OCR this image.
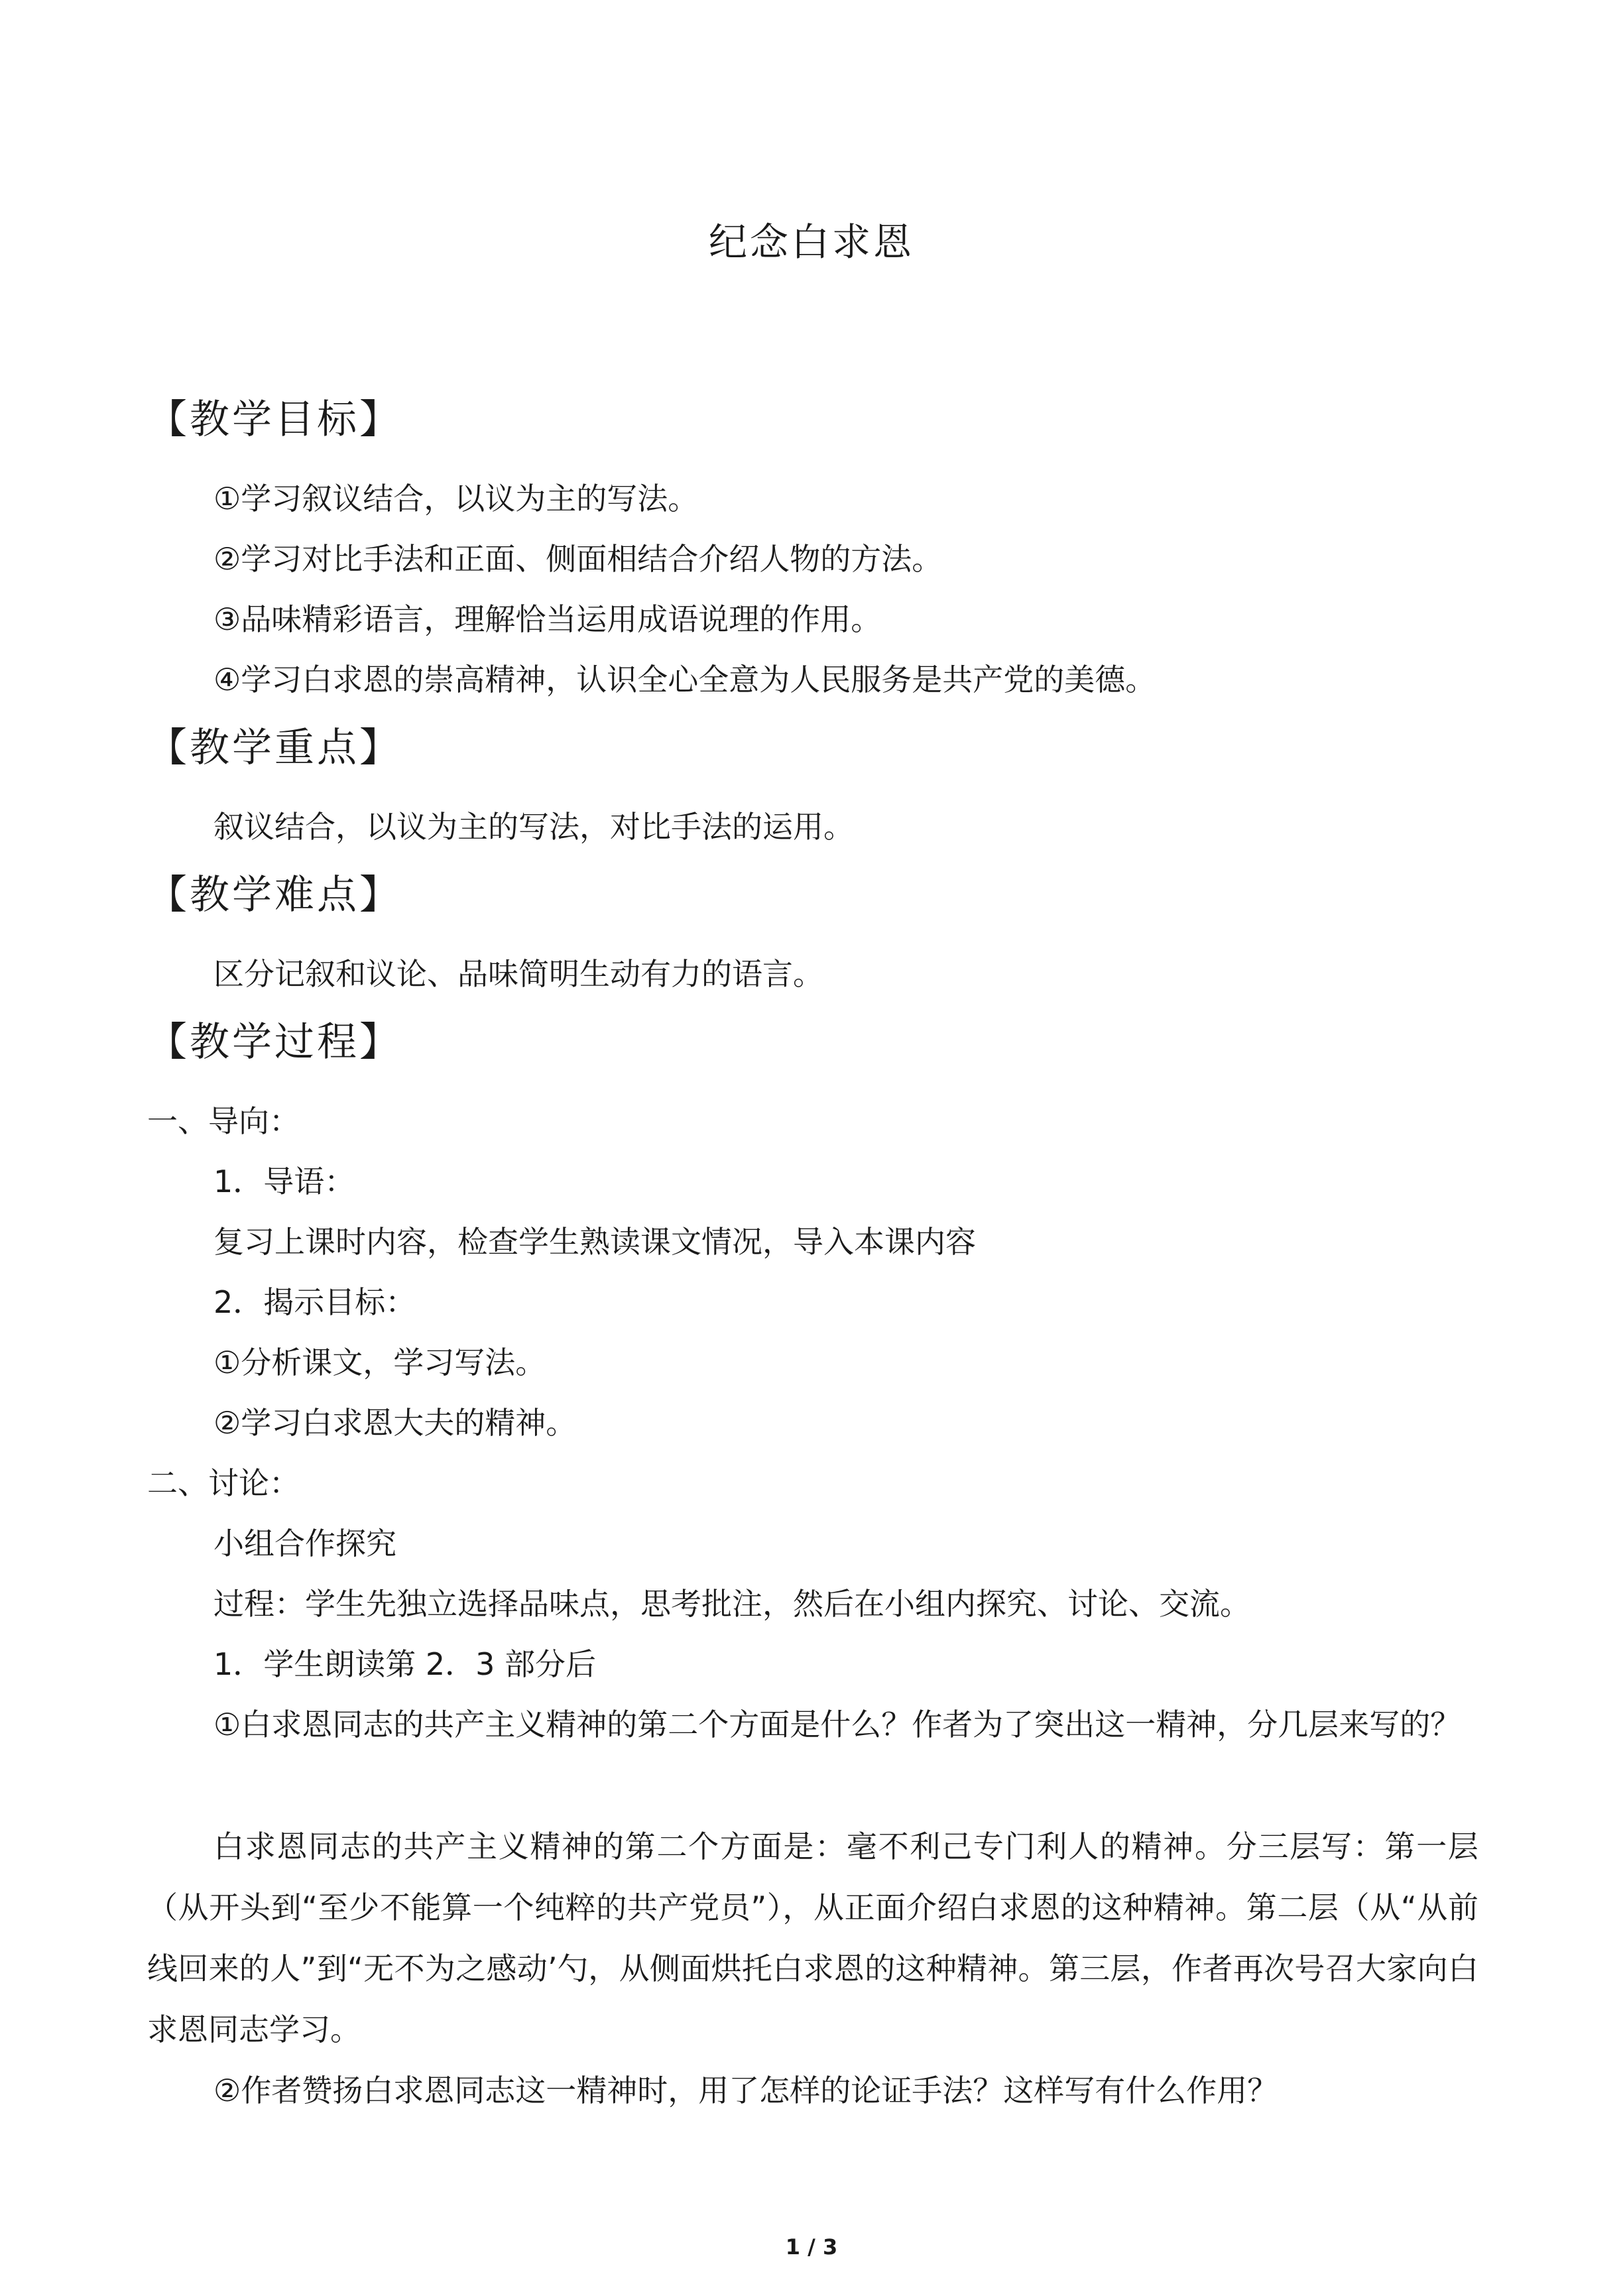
纪念白求恩
【教学目标】
①学习叙议结合，以议为主的写法。
②学习对比手法和正面、侧面相结合介绍人物的方法。
③品味精彩语言，理解恰当运用成语说理的作用。
④学习白求恩的崇高精神，认识全心全意为人民服务是共产党的美德。
【教学重点】
叙议结合，以议为主的写法，对比手法的运用。
【教学难点】
区分记叙和议论、品味简明生动有力的语言。
【教学过程】
一、导向：
1．导语：
复习上课时内容，检查学生熟读课文情况，导入本课内容
2．揭示目标：
①分析课文，学习写法。
②学习白求恩大夫的精神。
二、讨论：
小组合作探究
过程：学生先独立选择品味点，思考批注，然后在小组内探究、讨论、交流。
1．学生朗读第 2．3 部分后
①白求恩同志的共产主义精神的第二个方面是什么？作者为了突出这一精神，分几层来写的？
白求恩同志的共产主义精神的第二个方面是：毫不利己专门利人的精神。分三层写：第一层（从开头到“至少不能算一个纯粹的共产党员”），从正面介绍白求恩的这种精神。第二层（从“从前线回来的人”到“无不为之感动’勺，从侧面烘托白求恩的这种精神。第三层，作者再次号召大家向白求恩同志学习。
②作者赞扬白求恩同志这一精神时，用了怎样的论证手法？这样写有什么作用？
1 / 3
